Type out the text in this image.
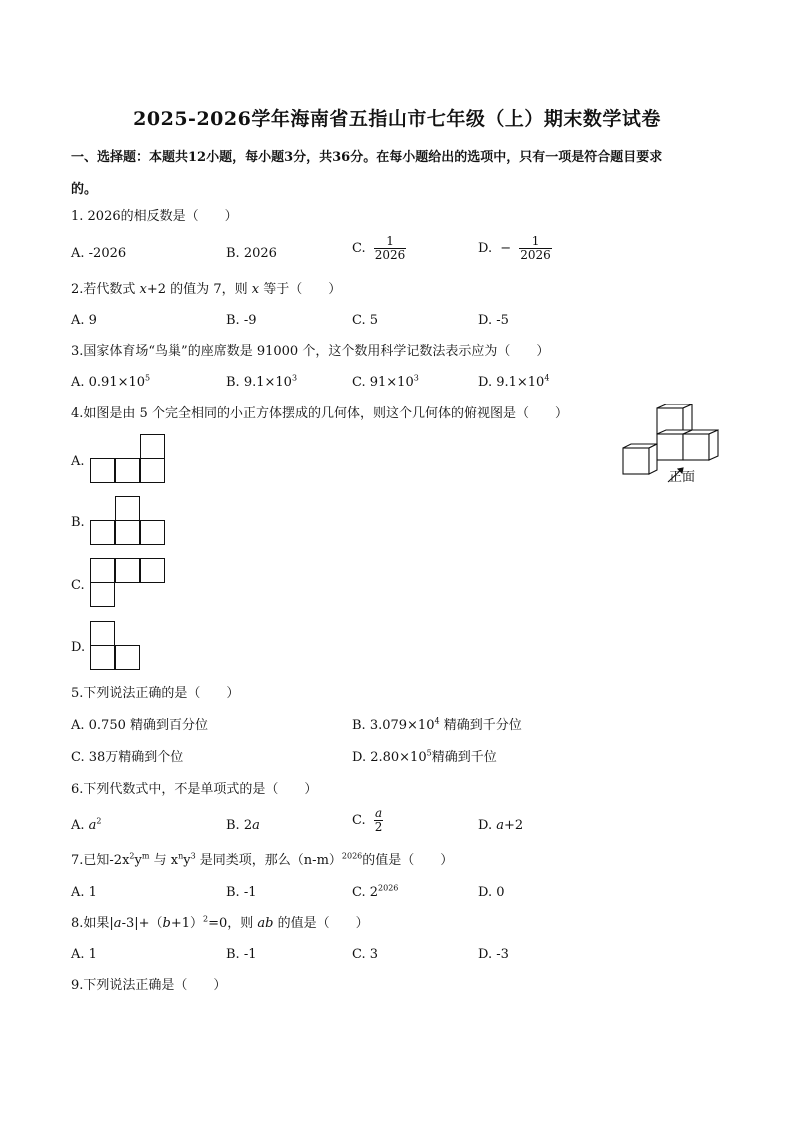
2025-2026学年海南省五指山市七年级（上）期末数学试卷
一、选择题：本题共12小题，每小题3分，共36分。在每小题给出的选项中，只有一项是符合题目要求
的。
1. 2026的相反数是（　　）
A. -2026	B. 2026	C. $\frac{1}{2026}$	D. − $\frac{1}{2026}$
2.若代数式 x+2 的值为 7，则 x 等于（　　）
A. 9	B. -9	C. 5	D. -5
3.国家体育场“鸟巢”的座席数是 91000 个，这个数用科学记数法表示应为（　　）
A. $0.91\times 10^5$	B. $9.1\times 10^3$	C. $91\times 10^3$	D. $9.1\times 10^4$
4.如图是由 5 个完全相同的小正方体摆成的几何体，则这个几何体的俯视图是（　　）
正面
A.
B.
C.
D.
5.下列说法正确的是（　　）
A. 0.750 精确到百分位	B. $3.079\times 10^4$ 精确到千分位
C. 38万精确到个位	D. $2.80\times 10^5$精确到千位
6.下列代数式中，不是单项式的是（　　）
A. $a^2$	B. 2a	C. $\frac{a}{2}$	D. a+2
7.已知$-2x^2y^m$ 与 $x^ny^3$ 是同类项，那么$(n-m)^{2026}$的值是（　　）
A. 1	B. -1	C. $2^{2026}$	D. 0
8.如果$|a-3|+(b+1)^2=0$，则 ab 的值是（　　）
A. 1	B. -1	C. 3	D. -3
9.下列说法正确是（　　）
